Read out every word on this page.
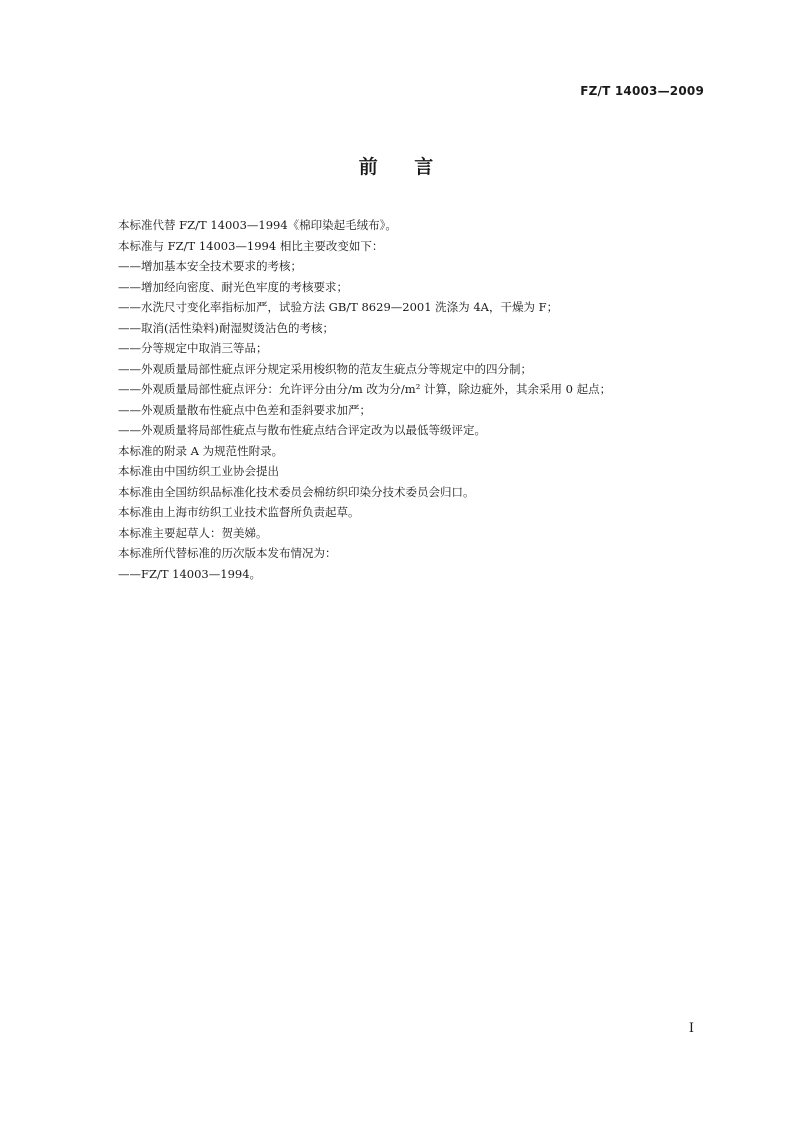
FZ/T 14003—2009
前    言
本标准代替 FZ/T 14003—1994《棉印染起毛绒布》。
本标准与 FZ/T 14003—1994 相比主要改变如下：
——增加基本安全技术要求的考核；
——增加经向密度、耐光色牢度的考核要求；
——水洗尺寸变化率指标加严，试验方法 GB/T 8629—2001 洗涤为 4A，干燥为 F；
——取消(活性染料)耐湿熨烫沾色的考核；
——分等规定中取消三等品；
——外观质量局部性疵点评分规定采用梭织物的范友生疵点分等规定中的四分制；
——外观质量局部性疵点评分：允许评分由分/m 改为分/m² 计算，除边疵外，其余采用 0 起点；
——外观质量散布性疵点中色差和歪斜要求加严；
——外观质量将局部性疵点与散布性疵点结合评定改为以最低等级评定。
本标准的附录 A 为规范性附录。
本标准由中国纺织工业协会提出
本标准由全国纺织品标准化技术委员会棉纺织印染分技术委员会归口。
本标准由上海市纺织工业技术监督所负责起草。
本标准主要起草人：贺美娣。
本标准所代替标准的历次版本发布情况为：
——FZ/T 14003—1994。
I
